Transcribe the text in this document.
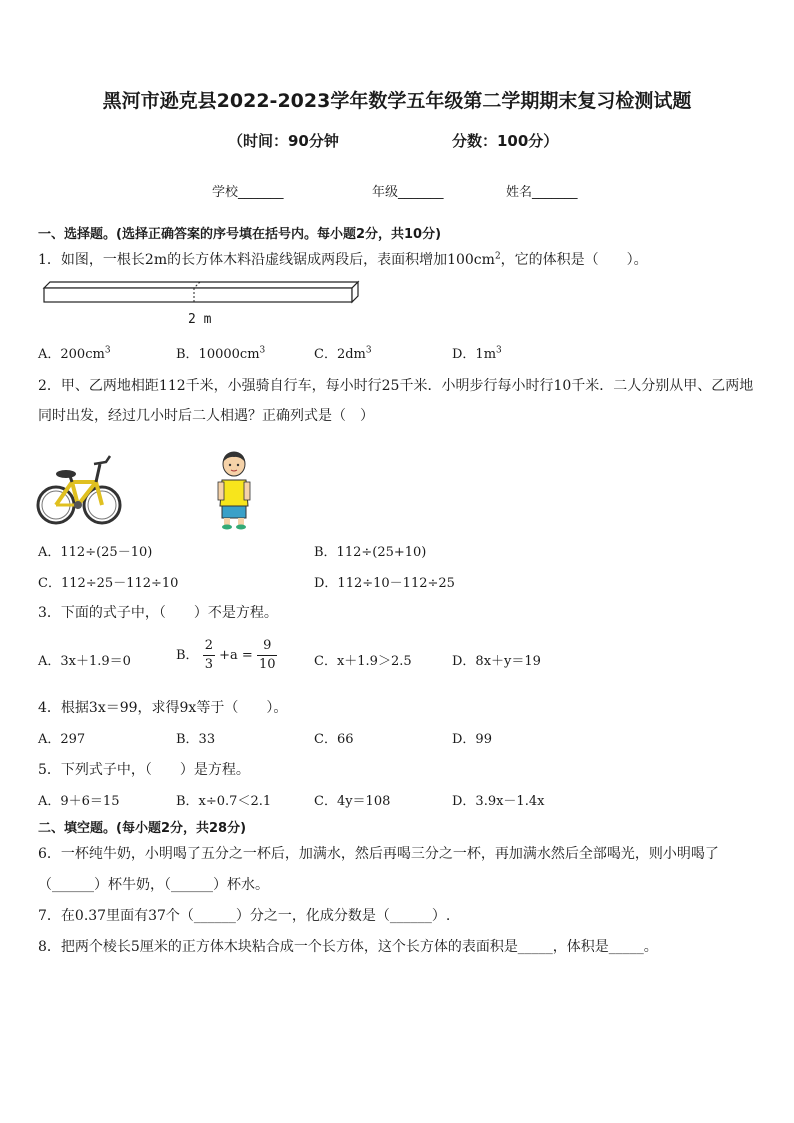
黑河市逊克县2022-2023学年数学五年级第二学期期末复习检测试题
（时间：90分钟	分数：100分）
学校_______	年级_______	姓名_______
一、选择题。(选择正确答案的序号填在括号内。每小题2分，共10分)
1．如图，一根长2m的长方体木料沿虚线锯成两段后，表面积增加$100cm^2$，它的体积是（　　）。
2 m
A．$200cm^3$	B．$10000cm^3$	C．$2dm^3$	D．$1m^3$
2．甲、乙两地相距112千米，小强骑自行车，每小时行25千米．小明步行每小时行10千米．二人分别从甲、乙两地
同时出发，经过几小时后二人相遇？正确列式是（　）
A．112÷(25－10)	B．112÷(25+10)
C．112÷25－112÷10	D．112÷10－112÷25
3．下面的式子中，（　　）不是方程。
A．3x＋1.9＝0	B． $\frac{2}{3} +a = \frac{9}{10}$	C．x＋1.9＞2.5	D．8x＋y＝19
4．根据3x＝99，求得9x等于（　　）。
A．297	B．33	C．66	D．99
5．下列式子中，（　　）是方程。
A．9＋6＝15	B．x÷0.7＜2.1	C．4y＝108	D．3.9x－1.4x
二、填空题。(每小题2分，共28分)
6．一杯纯牛奶，小明喝了五分之一杯后，加满水，然后再喝三分之一杯，再加满水然后全部喝光，则小明喝了
（______）杯牛奶，（______）杯水。
7．在0.37里面有37个（______）分之一，化成分数是（______）.
8．把两个棱长5厘米的正方体木块粘合成一个长方体，这个长方体的表面积是_____，体积是_____。
